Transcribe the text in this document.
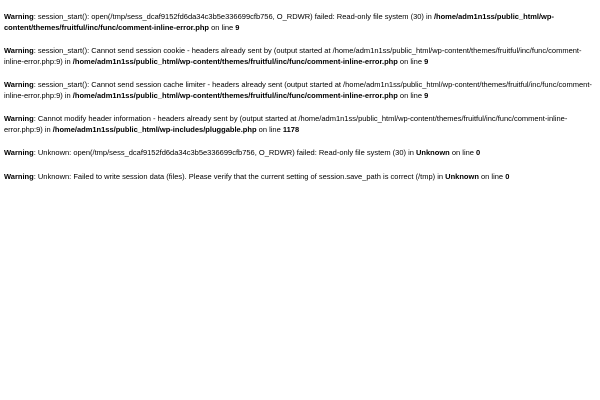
Warning: session_start(): open(/tmp/sess_dcaf9152fd6da34c3b5e336699cfb756, O_RDWR) failed: Read-only file system (30) in /home/adm1n1ss/public_html/wp-content/themes/fruitful/inc/func/comment-inline-error.php on line 9
Warning: session_start(): Cannot send session cookie - headers already sent by (output started at /home/adm1n1ss/public_html/wp-content/themes/fruitful/inc/func/comment-inline-error.php:9) in /home/adm1n1ss/public_html/wp-content/themes/fruitful/inc/func/comment-inline-error.php on line 9
Warning: session_start(): Cannot send session cache limiter - headers already sent (output started at /home/adm1n1ss/public_html/wp-content/themes/fruitful/inc/func/comment-inline-error.php:9) in /home/adm1n1ss/public_html/wp-content/themes/fruitful/inc/func/comment-inline-error.php on line 9
Warning: Cannot modify header information - headers already sent by (output started at /home/adm1n1ss/public_html/wp-content/themes/fruitful/inc/func/comment-inline-error.php:9) in /home/adm1n1ss/public_html/wp-includes/pluggable.php on line 1178
Warning: Unknown: open(/tmp/sess_dcaf9152fd6da34c3b5e336699cfb756, O_RDWR) failed: Read-only file system (30) in Unknown on line 0
Warning: Unknown: Failed to write session data (files). Please verify that the current setting of session.save_path is correct (/tmp) in Unknown on line 0
